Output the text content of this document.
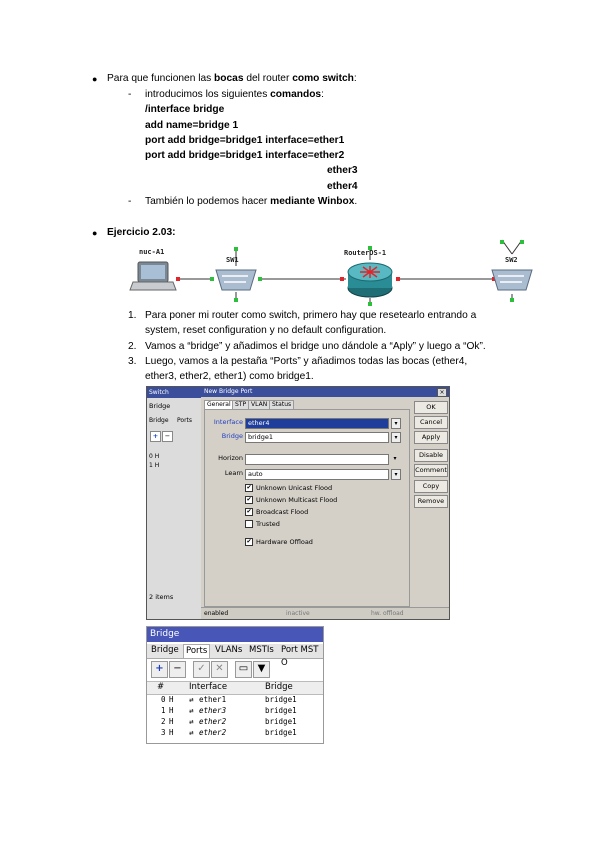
● Para que funcionen las bocas del router como switch:
- introducimos los siguientes comandos:
/interface bridge
add name=bridge 1
port add bridge=bridge1 interface=ether1
port add bridge=bridge1 interface=ether2
ether3
ether4
- También lo podemos hacer mediante Winbox.
● Ejercicio 2.03:
nuc-A1
SW1
RouterOS-1
SW2
1. Para poner mi router como switch, primero hay que resetearlo entrando a
system, reset configuration y no default configuration.
2. Vamos a “bridge” y añadimos el bridge uno dándole a “Aply” y luego a “Ok”.
3. Luego, vamos a la pestaña “Ports” y añadimos todas las bocas (ether4,
ether3, ether2, ether1) como bridge1.
Switch
Bridge
Bridge Ports
+	−
0 H
1 H
2 items
New Bridge Port	×
General STP VLAN Status
Interface ether4	▾
Bridge bridge1	▾
Horizon	▾
Learn auto	▾
✔ Unknown Unicast Flood
✔ Unknown Multicast Flood
✔ Broadcast Flood
Trusted
✔ Hardware Offload
OK
Cancel
Apply
Disable
Comment
Copy
Remove
enabled	inactive	hw. offload
Bridge
Bridge Ports VLANs MSTIs Port MST O
+ −	✓ ✕	▭ ▼
#	Interface	Bridge
0 H ⇄ ether1	bridge1
1 H ⇄ ether3	bridge1
2 H ⇄ ether2	bridge1
3 H ⇄ ether2	bridge1
